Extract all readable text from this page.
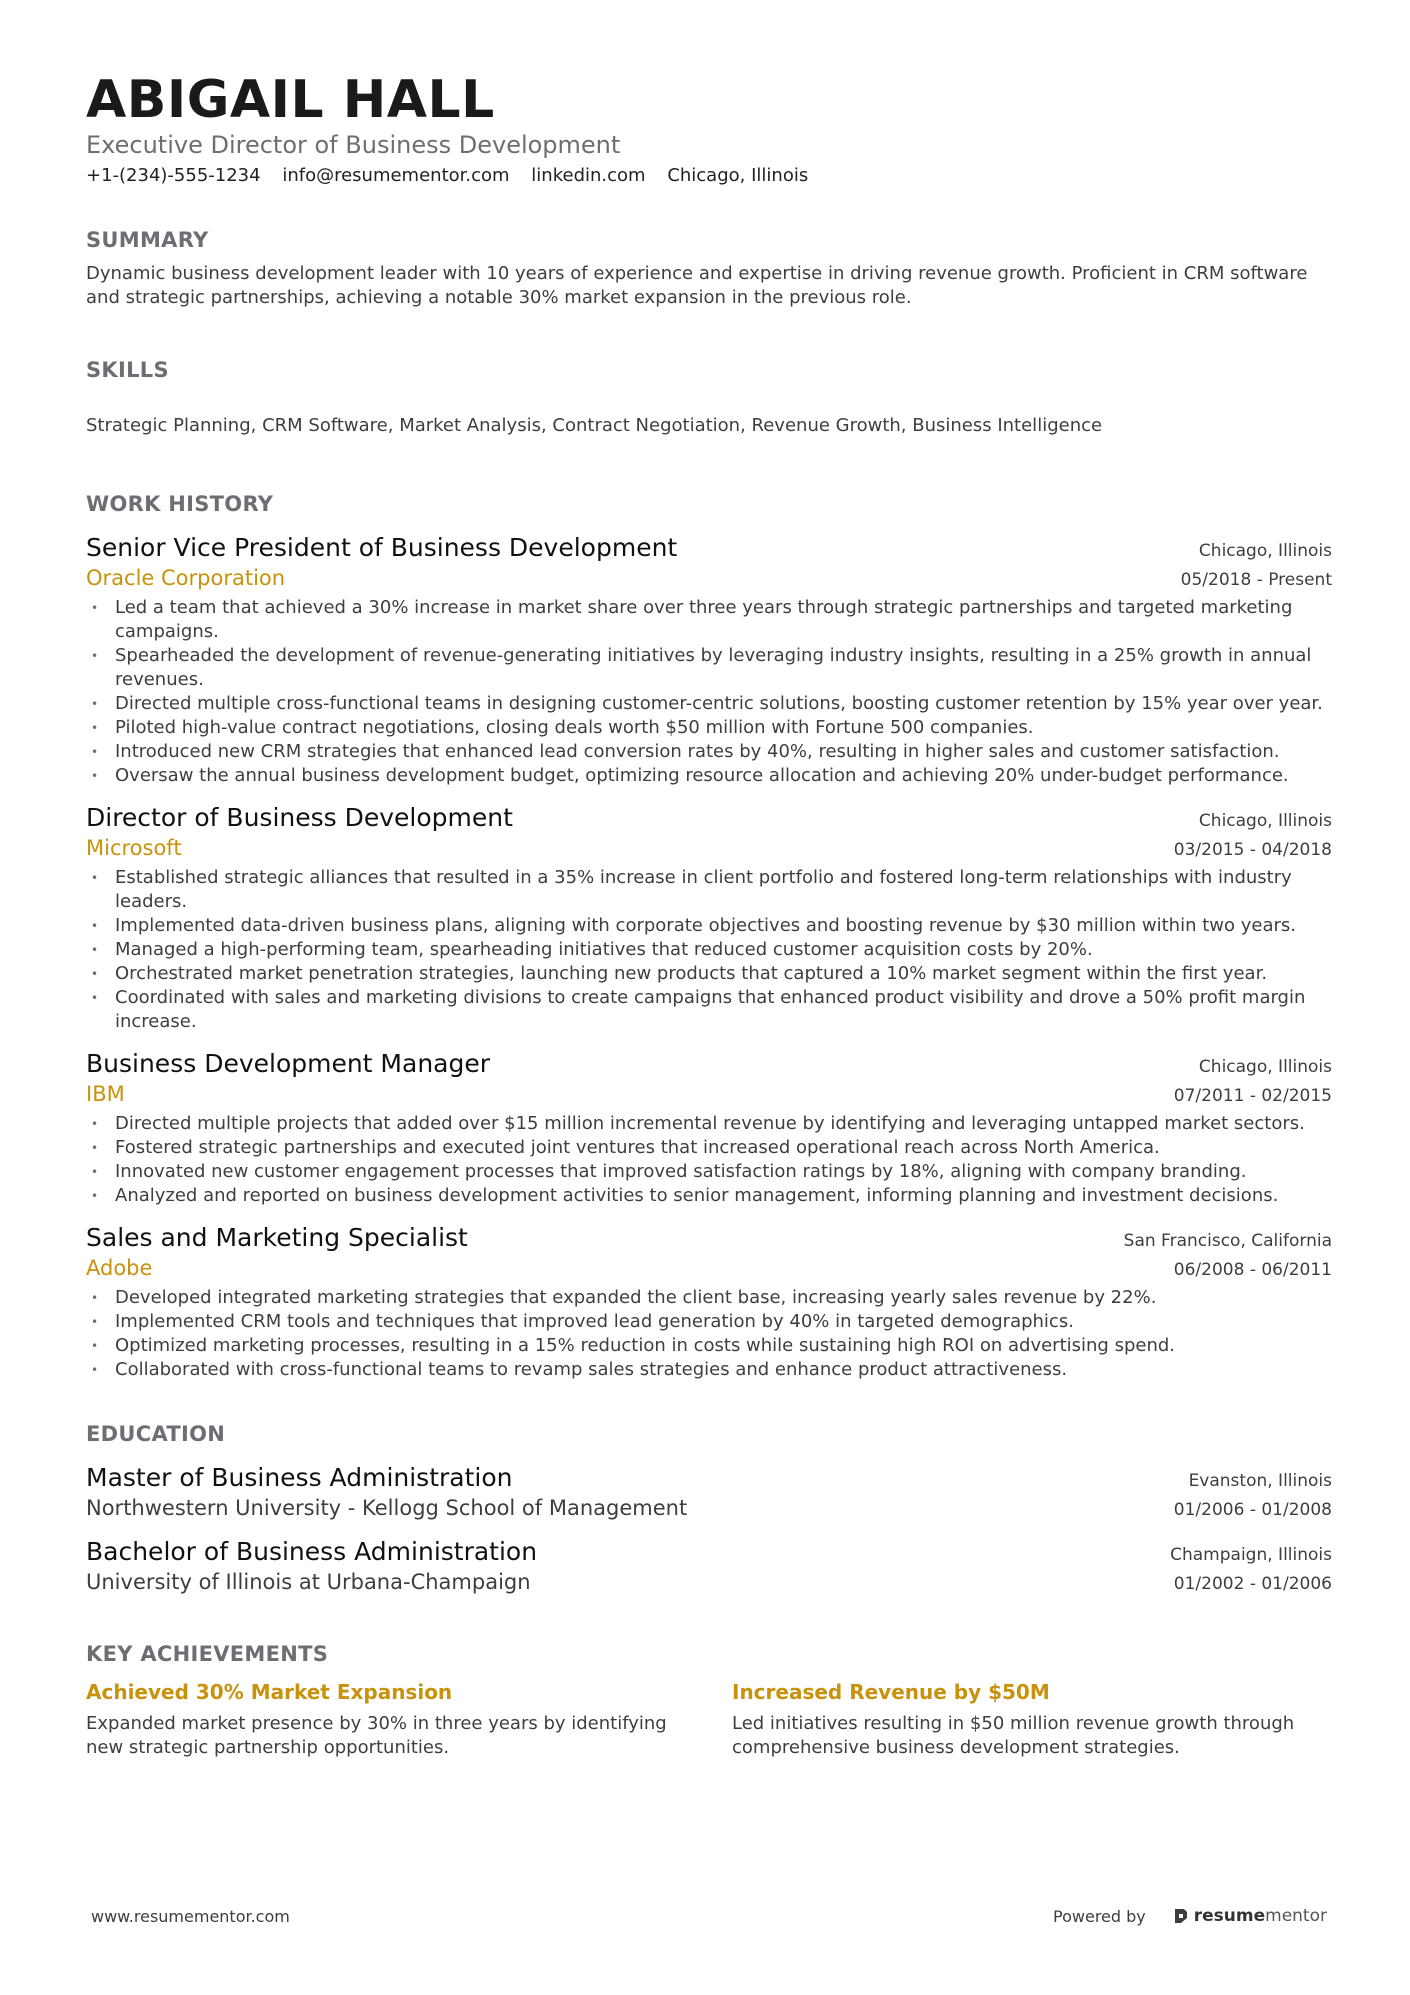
ABIGAIL HALL
Executive Director of Business Development
+1-(234)-555-1234 info@resumementor.com linkedin.com Chicago, Illinois
SUMMARY
Dynamic business development leader with 10 years of experience and expertise in driving revenue growth. Proficient in CRM software and strategic partnerships, achieving a notable 30% market expansion in the previous role.
SKILLS
Strategic Planning, CRM Software, Market Analysis, Contract Negotiation, Revenue Growth, Business Intelligence
WORK HISTORY
Senior Vice President of Business Development	Chicago, Illinois
Oracle Corporation	05/2018 - Present
• Led a team that achieved a 30% increase in market share over three years through strategic partnerships and targeted marketing campaigns.
• Spearheaded the development of revenue-generating initiatives by leveraging industry insights, resulting in a 25% growth in annual revenues.
• Directed multiple cross-functional teams in designing customer-centric solutions, boosting customer retention by 15% year over year.
• Piloted high-value contract negotiations, closing deals worth $50 million with Fortune 500 companies.
• Introduced new CRM strategies that enhanced lead conversion rates by 40%, resulting in higher sales and customer satisfaction.
• Oversaw the annual business development budget, optimizing resource allocation and achieving 20% under-budget performance.
Director of Business Development	Chicago, Illinois
Microsoft	03/2015 - 04/2018
• Established strategic alliances that resulted in a 35% increase in client portfolio and fostered long-term relationships with industry leaders.
• Implemented data-driven business plans, aligning with corporate objectives and boosting revenue by $30 million within two years.
• Managed a high-performing team, spearheading initiatives that reduced customer acquisition costs by 20%.
• Orchestrated market penetration strategies, launching new products that captured a 10% market segment within the first year.
• Coordinated with sales and marketing divisions to create campaigns that enhanced product visibility and drove a 50% profit margin increase.
Business Development Manager	Chicago, Illinois
IBM	07/2011 - 02/2015
• Directed multiple projects that added over $15 million incremental revenue by identifying and leveraging untapped market sectors.
• Fostered strategic partnerships and executed joint ventures that increased operational reach across North America.
• Innovated new customer engagement processes that improved satisfaction ratings by 18%, aligning with company branding.
• Analyzed and reported on business development activities to senior management, informing planning and investment decisions.
Sales and Marketing Specialist	San Francisco, California
Adobe	06/2008 - 06/2011
• Developed integrated marketing strategies that expanded the client base, increasing yearly sales revenue by 22%.
• Implemented CRM tools and techniques that improved lead generation by 40% in targeted demographics.
• Optimized marketing processes, resulting in a 15% reduction in costs while sustaining high ROI on advertising spend.
• Collaborated with cross-functional teams to revamp sales strategies and enhance product attractiveness.
EDUCATION
Master of Business Administration	Evanston, Illinois
Northwestern University - Kellogg School of Management	01/2006 - 01/2008
Bachelor of Business Administration	Champaign, Illinois
University of Illinois at Urbana-Champaign	01/2002 - 01/2006
KEY ACHIEVEMENTS
Achieved 30% Market Expansion
Expanded market presence by 30% in three years by identifying new strategic partnership opportunities.
Increased Revenue by $50M
Led initiatives resulting in $50 million revenue growth through comprehensive business development strategies.
www.resumementor.com	Powered by	resume mentor
